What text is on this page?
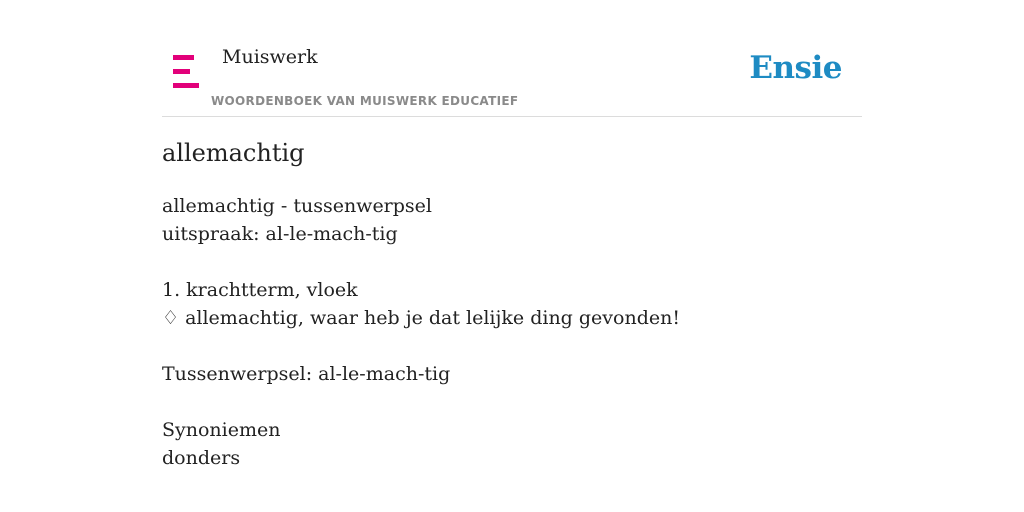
Muiswerk
WOORDENBOEK VAN MUISWERK EDUCATIEF
Ensie
allemachtig
allemachtig - tussenwerpsel
uitspraak: al-le-mach-tig
1. krachtterm, vloek
♢ allemachtig, waar heb je dat lelijke ding gevonden!
Tussenwerpsel: al-le-mach-tig
Synoniemen
donders
